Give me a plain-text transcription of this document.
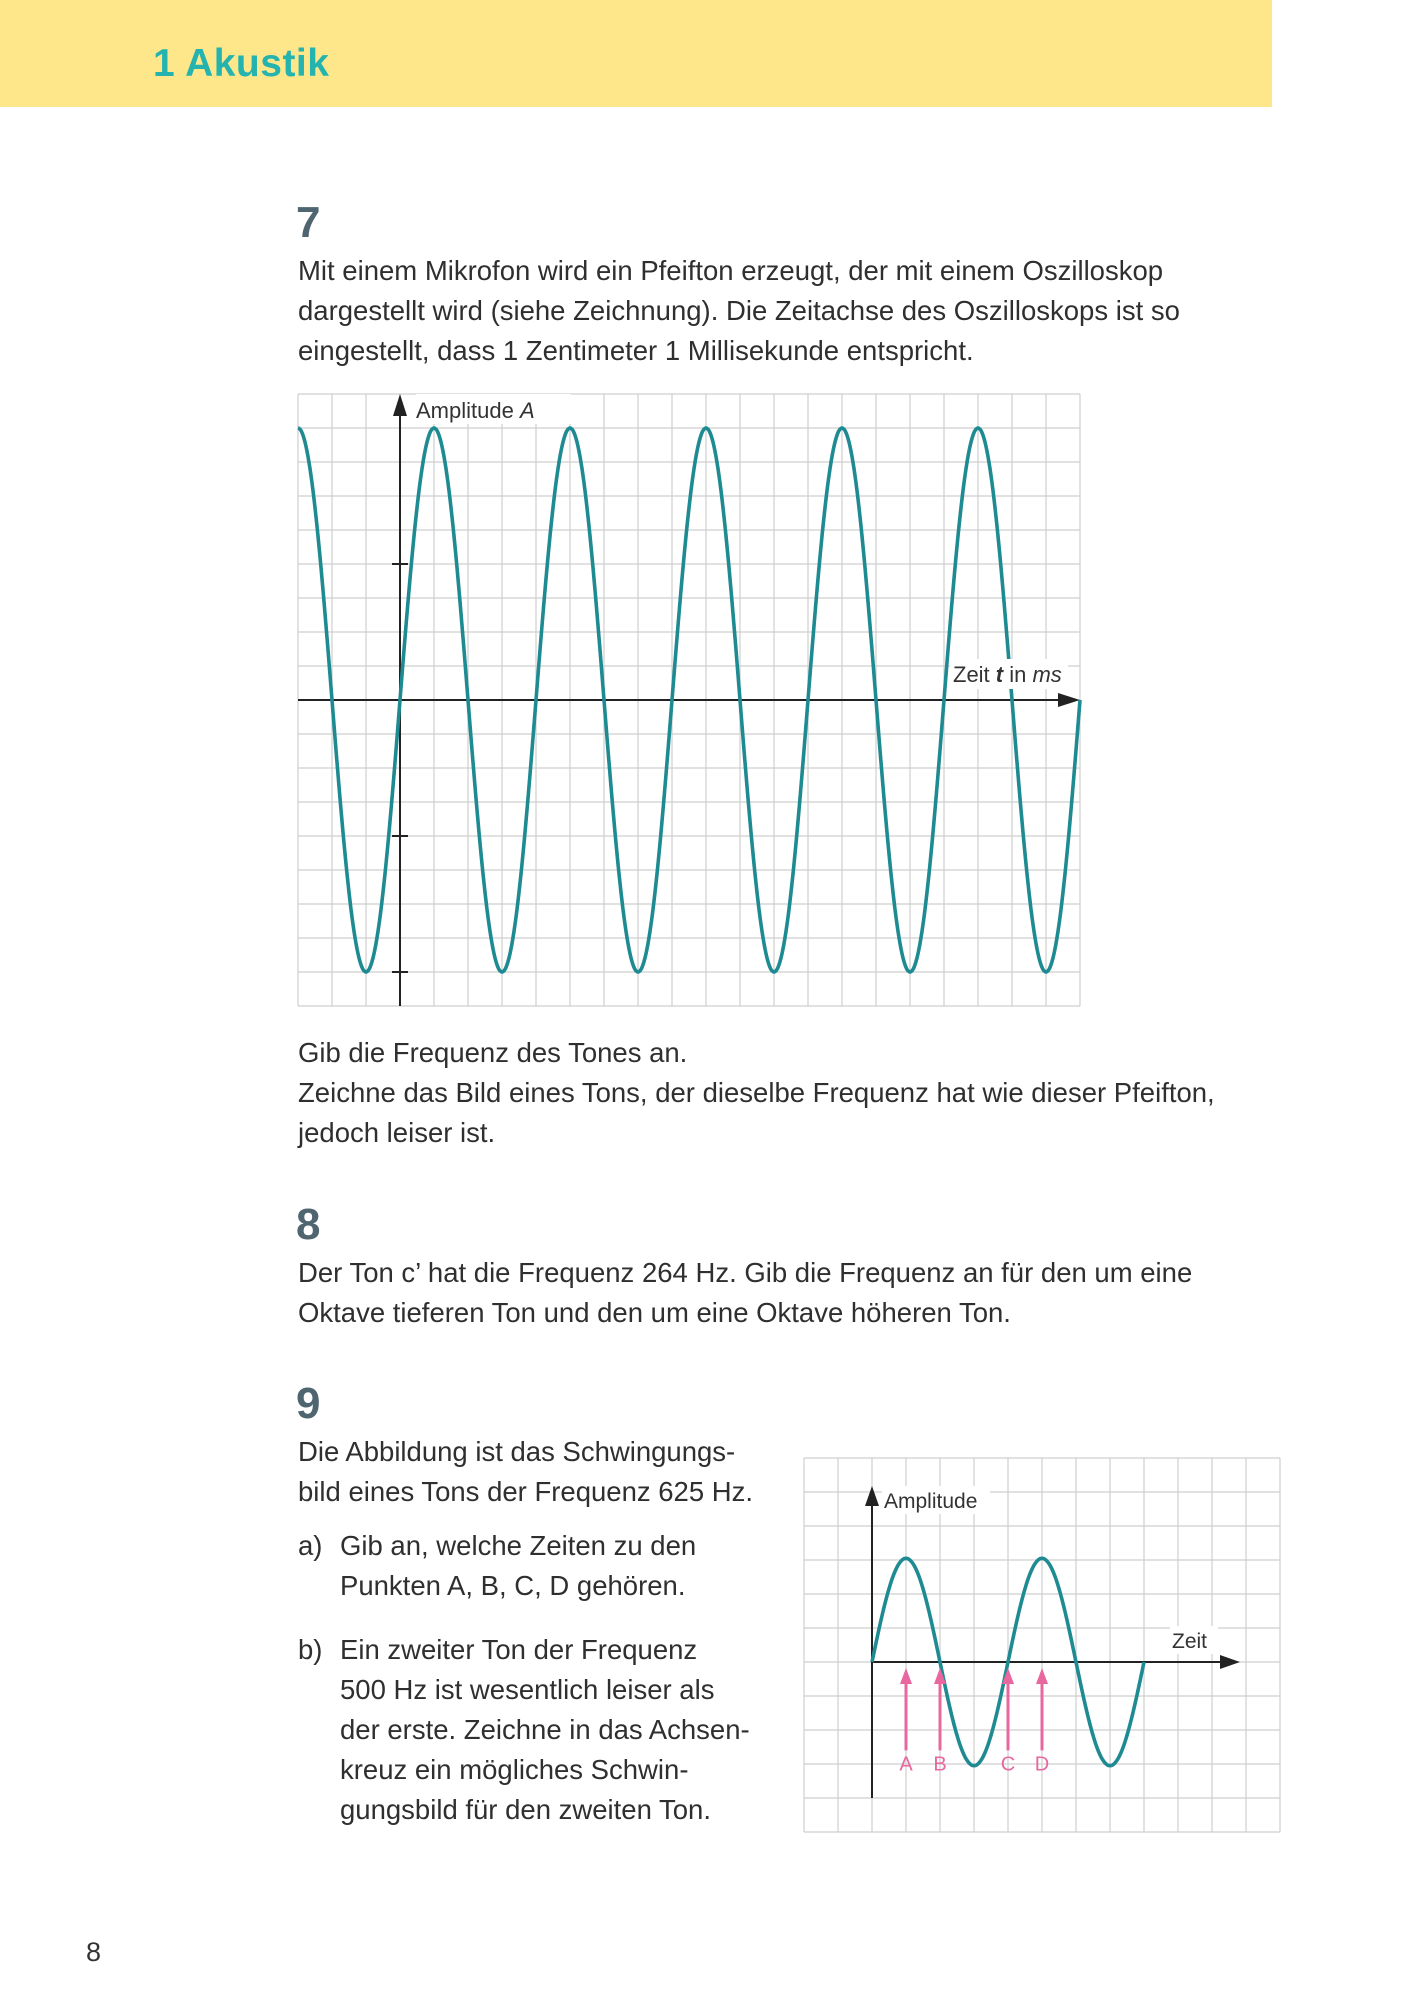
1 Akustik
7

Mit einem Mikrofon wird ein Pfeifton erzeugt, der mit einem Oszilloskop

dargestellt wird (siehe Zeichnung). Die Zeitachse des Oszilloskops ist so

eingestellt, dass 1 Zentimeter 1 Millisekunde entspricht.

Amplitude A
Zeit t in ms

Gib die Frequenz des Tones an.

Zeichne das Bild eines Tons, der dieselbe Frequenz hat wie dieser Pfeifton,

jedoch leiser ist.

8

Der Ton c’ hat die Frequenz 264 Hz. Gib die Frequenz an für den um eine

Oktave tieferen Ton und den um eine Oktave höheren Ton.

9

Die Abbildung ist das Schwingungs-

bild eines Tons der Frequenz 625 Hz.

a) Gib an, welche Zeiten zu den
Punkten A, B, C, D gehören.
b) Ein zweiter Ton der Frequenz
500 Hz ist wesentlich leiser als
der erste. Zeichne in das Achsen-
kreuz ein mögliches Schwin-
gungsbild für den zweiten Ton.
A B	C D
Amplitude
Zeit

8
